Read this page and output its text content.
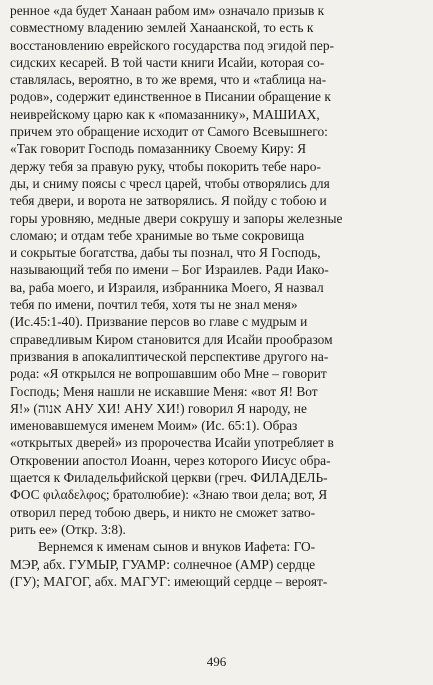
ренное «да будет Ханаан рабом им» означало призыв к
совместному владению землей Ханаанской, то есть к
восстановлению еврейского государства под эгидой пер-
сидских кесарей. В той части книги Исайи, которая со-
ставлялась, вероятно, в то же время, что и «таблица на-
родов», содержит единственное в Писании обращение к
неиврейскому царю как к «помазаннику», МАШИАХ,
причем это обращение исходит от Самого Всевышнего:
«Так говорит Господь помазаннику Своему Киру: Я
держу тебя за правую руку, чтобы покорить тебе наро-
ды, и сниму поясы с чресл царей, чтобы отворялись для
тебя двери, и ворота не затворялись. Я пойду с тобою и
горы уровняю, медные двери сокрушу и запоры железные
сломаю; и отдам тебе хранимые во тьме сокровища
и сокрытые богатства, дабы ты познал, что Я Господь,
называющий тебя по имени – Бог Израилев. Ради Иако-
ва, раба моего, и Израиля, избранника Моего, Я назвал
тебя по имени, почтил тебя, хотя ты не знал меня»
(Ис.45:1-40). Призвание персов во главе с мудрым и
справедливым Киром становится для Исайи прообразом
призвания в апокалиптической перспективе другого на-
рода: «Я открылся не вопрошавшим обо Мне – говорит
Господь; Меня нашли не искавшие Меня: «вот Я! Вот
Я!» (אנוה АНУ ХИ! АНУ ХИ!) говорил Я народу, не
именовавшемуся именем Моим» (Ис. 65:1). Образ
«открытых дверей» из пророчества Исайи употребляет в
Откровении апостол Иоанн, через которого Иисус обра-
щается к Филадельфийской церкви (греч. ФИЛАДЕЛЬ-
ФОС φιλαδελφος; братолюбие): «Знаю твои дела; вот, Я
отворил перед тобою дверь, и никто не сможет затво-
рить ее» (Откр. 3:8).
Вернемся к именам сынов и внуков Иафета: ГО-
МЭР, абх. ГУМЫР, ГУАМР: солнечное (АМР) сердце
(ГУ); МАГОГ, абх. МАГУГ: имеющий сердце – вероят-
496
